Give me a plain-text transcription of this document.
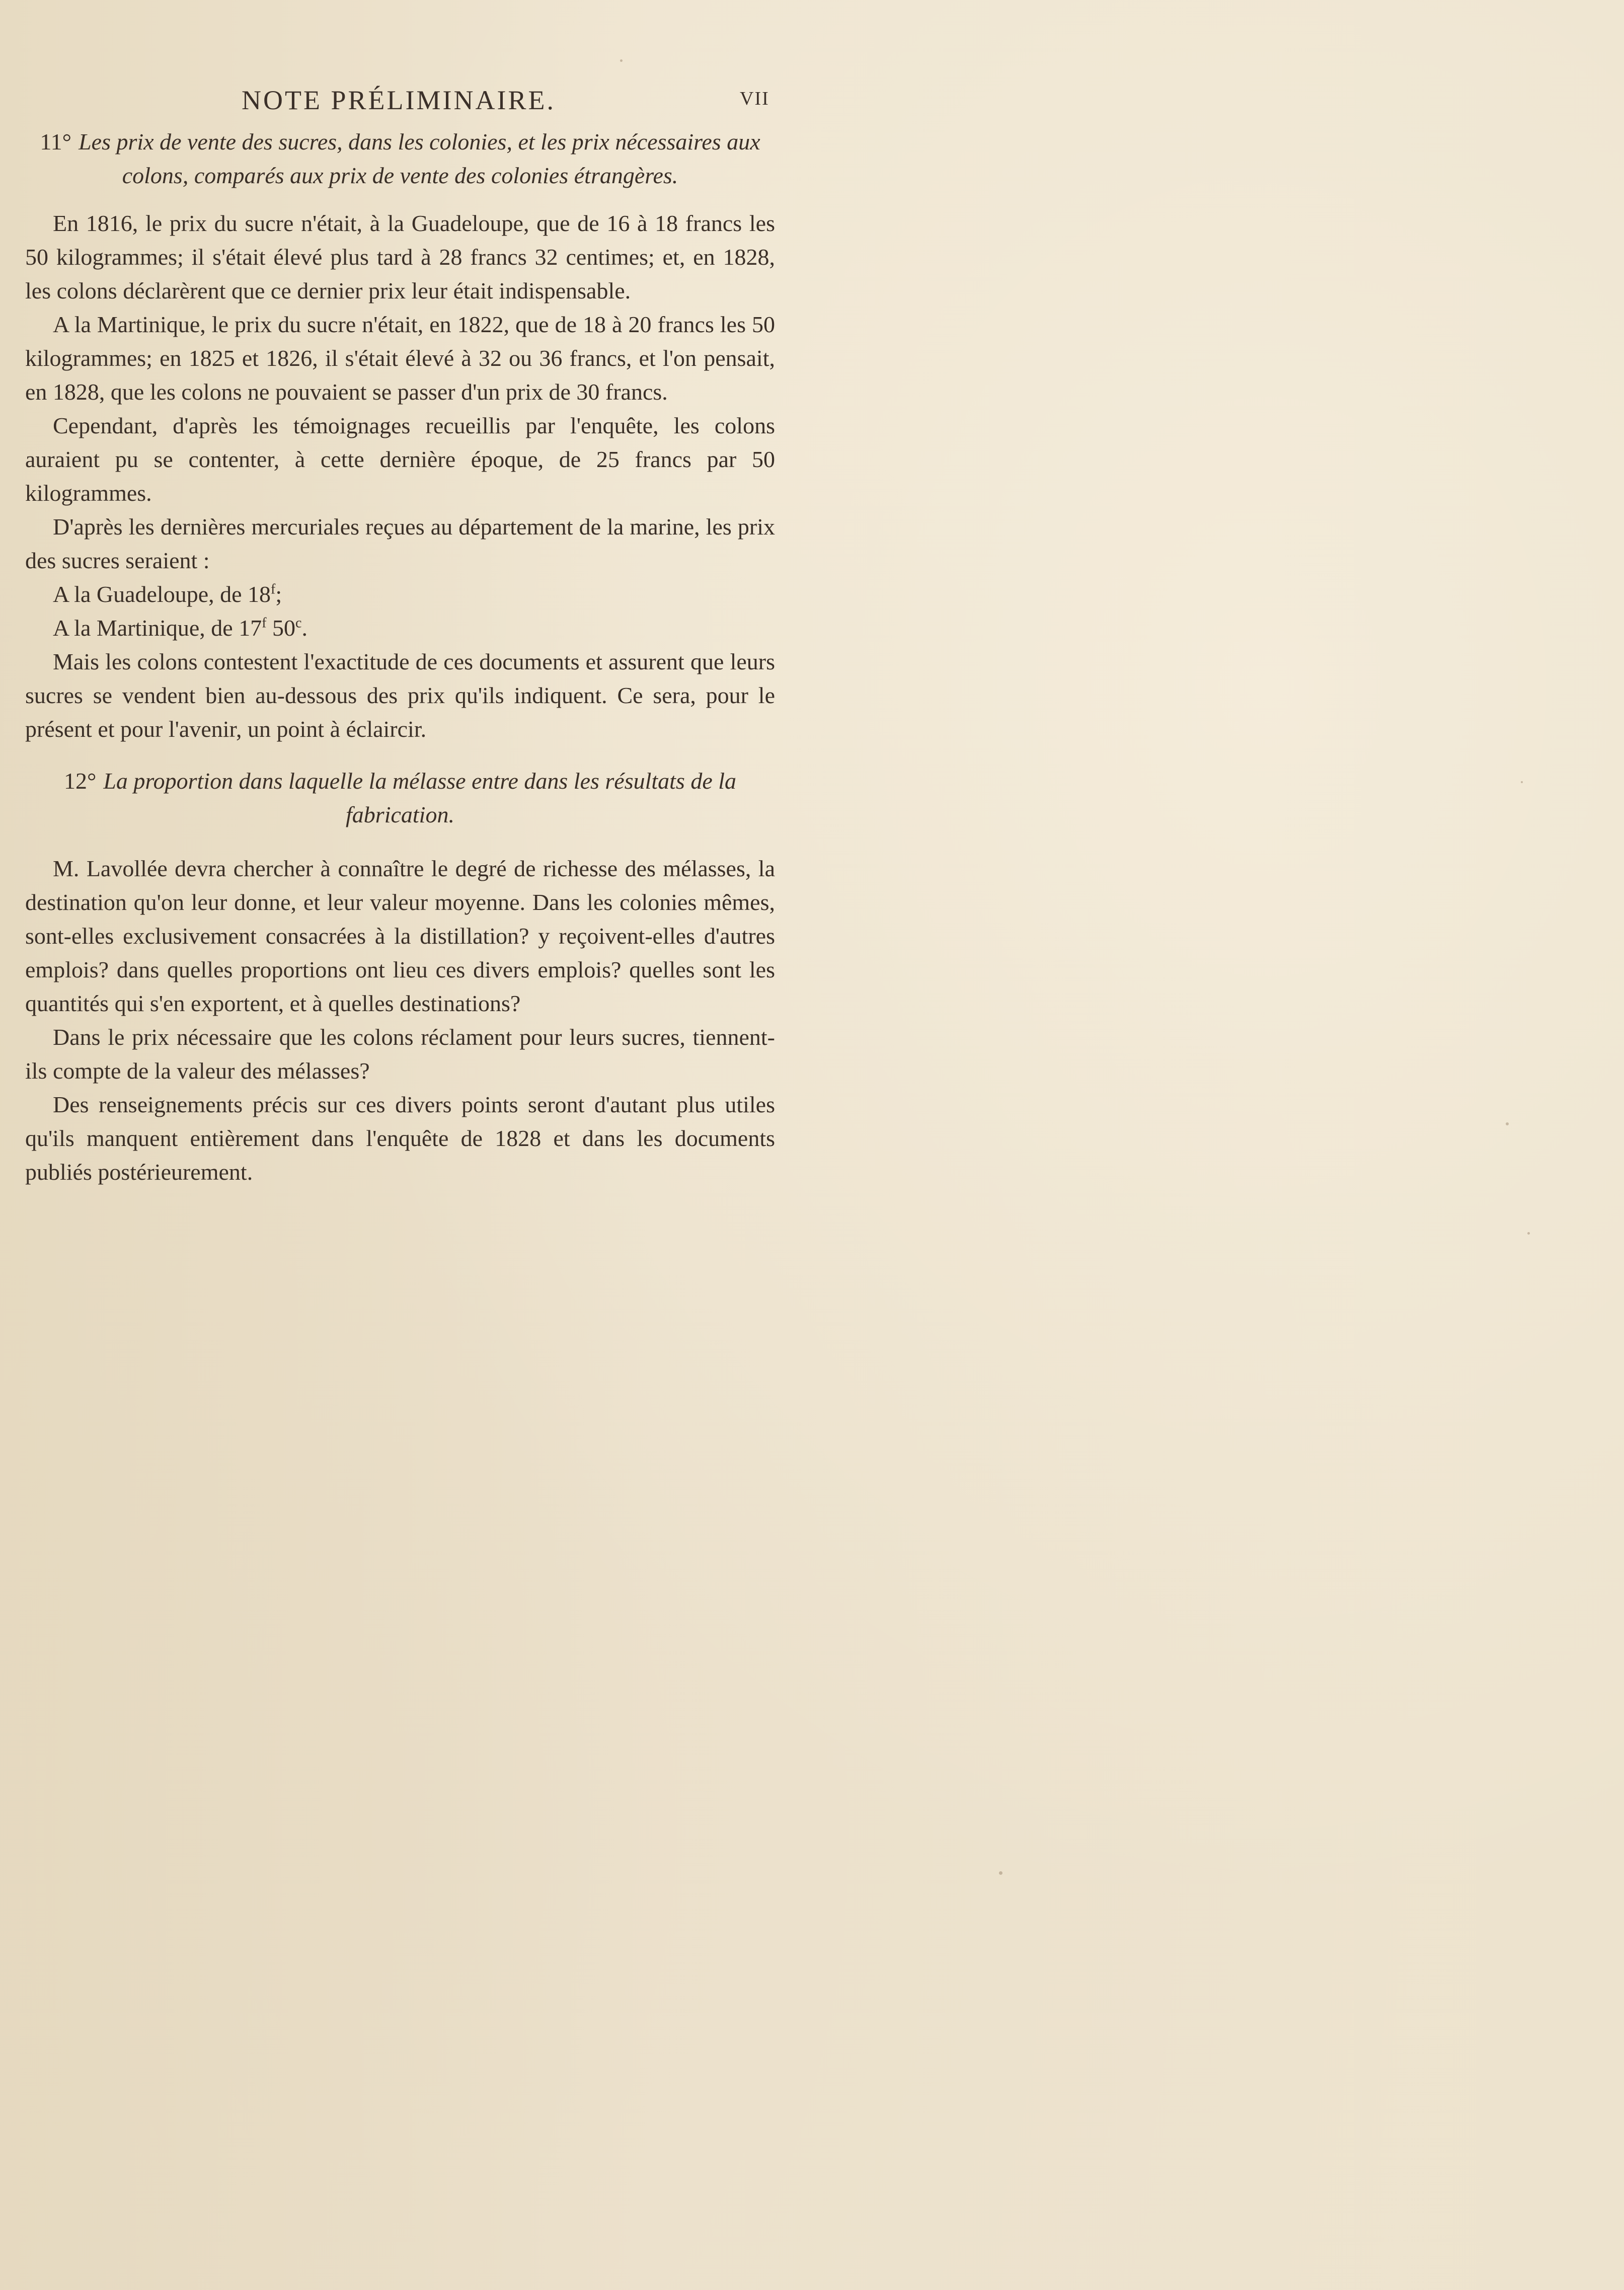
NOTE PRÉLIMINAIRE.	VII
11° Les prix de vente des sucres, dans les colonies, et les prix nécessaires aux colons, comparés aux prix de vente des colonies étrangères.

En 1816, le prix du sucre n'était, à la Guadeloupe, que de 16 à 18 francs les 50 kilogrammes; il s'était élevé plus tard à 28 francs 32 centimes; et, en 1828, les colons déclarèrent que ce dernier prix leur était indispensable.

A la Martinique, le prix du sucre n'était, en 1822, que de 18 à 20 francs les 50 kilogrammes; en 1825 et 1826, il s'était élevé à 32 ou 36 francs, et l'on pensait, en 1828, que les colons ne pouvaient se passer d'un prix de 30 francs.

Cependant, d'après les témoignages recueillis par l'enquête, les colons auraient pu se contenter, à cette dernière époque, de 25 francs par 50 kilogrammes.

D'après les dernières mercuriales reçues au département de la marine, les prix des sucres seraient :

A la Guadeloupe, de 18$^f$;

A la Martinique, de 17$^f$ 50$^c$.

Mais les colons contestent l'exactitude de ces documents et assurent que leurs sucres se vendent bien au-dessous des prix qu'ils indiquent. Ce sera, pour le présent et pour l'avenir, un point à éclaircir.

12° La proportion dans laquelle la mélasse entre dans les résultats de la fabrication.

M. Lavollée devra chercher à connaître le degré de richesse des mélasses, la destination qu'on leur donne, et leur valeur moyenne. Dans les colonies mêmes, sont-elles exclusivement consacrées à la distillation? y reçoivent-elles d'autres emplois? dans quelles proportions ont lieu ces divers emplois? quelles sont les quantités qui s'en exportent, et à quelles destinations?

Dans le prix nécessaire que les colons réclament pour leurs sucres, tiennent-ils compte de la valeur des mélasses?

Des renseignements précis sur ces divers points seront d'autant plus utiles qu'ils manquent entièrement dans l'enquête de 1828 et dans les documents publiés postérieurement.
